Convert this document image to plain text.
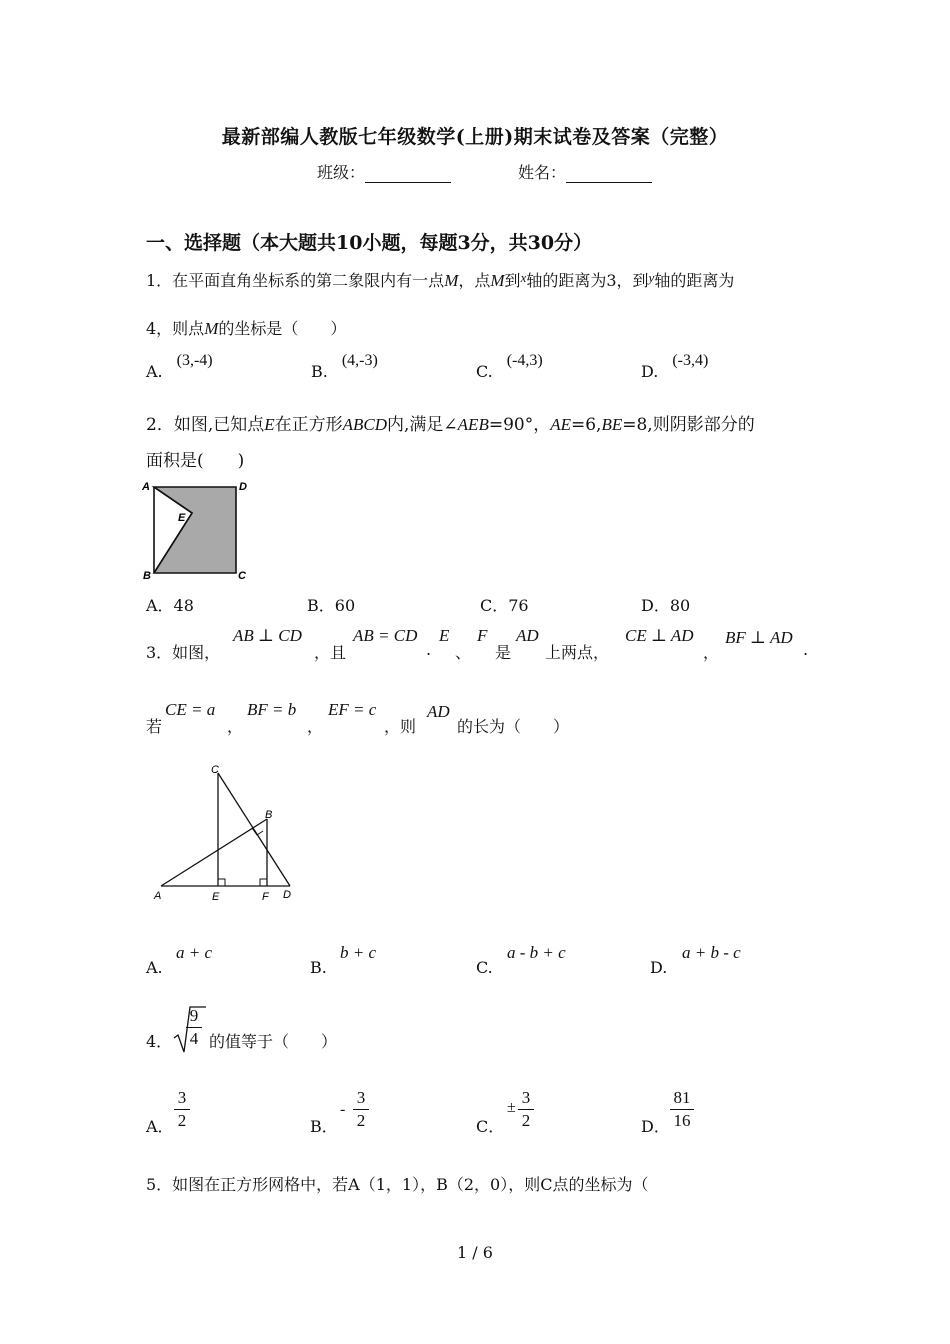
最新部编人教版七年级数学(上册)期末试卷及答案（完整）
班级：	姓名：
一、选择题（本大题共10小题，每题3分，共30分）
1．在平面直角坐标系的第二象限内有一点M，点M到$^x$轴的距离为3，到$^y$轴的距离为
4，则点M的坐标是（　　）
A.(3,‑4)
B.(4,‑3)
C.(‑4,3)
D.(‑3,4)
2．如图,已知点E在正方形ABCD内,满足∠AEB=90°，AE=6,BE=8,则阴影部分的
面积是(　　)
A	D
E
B	C
A．48	B．60	C．76	D．80
3．如图，
AB ⊥ CD
，且
AB = CD
.
E
、
F
是
AD
上两点，
CE ⊥ AD
，
BF ⊥ AD
.
若
CE = a
，
BF = b
，
EF = c
，则
AD
的长为（　　）
C
B
A	E	F D
A.
a + c
B.
b + c
C.
a ‑ b + c
D.
a + b ‑ c
4．
9
4 的值等于（　　）
A．
3
2	B．
‑
3
2	C．
±
3
2	D．
81
16
5．如图在正方形网格中，若A（1，1），B（2，0），则C点的坐标为（
1 / 6
